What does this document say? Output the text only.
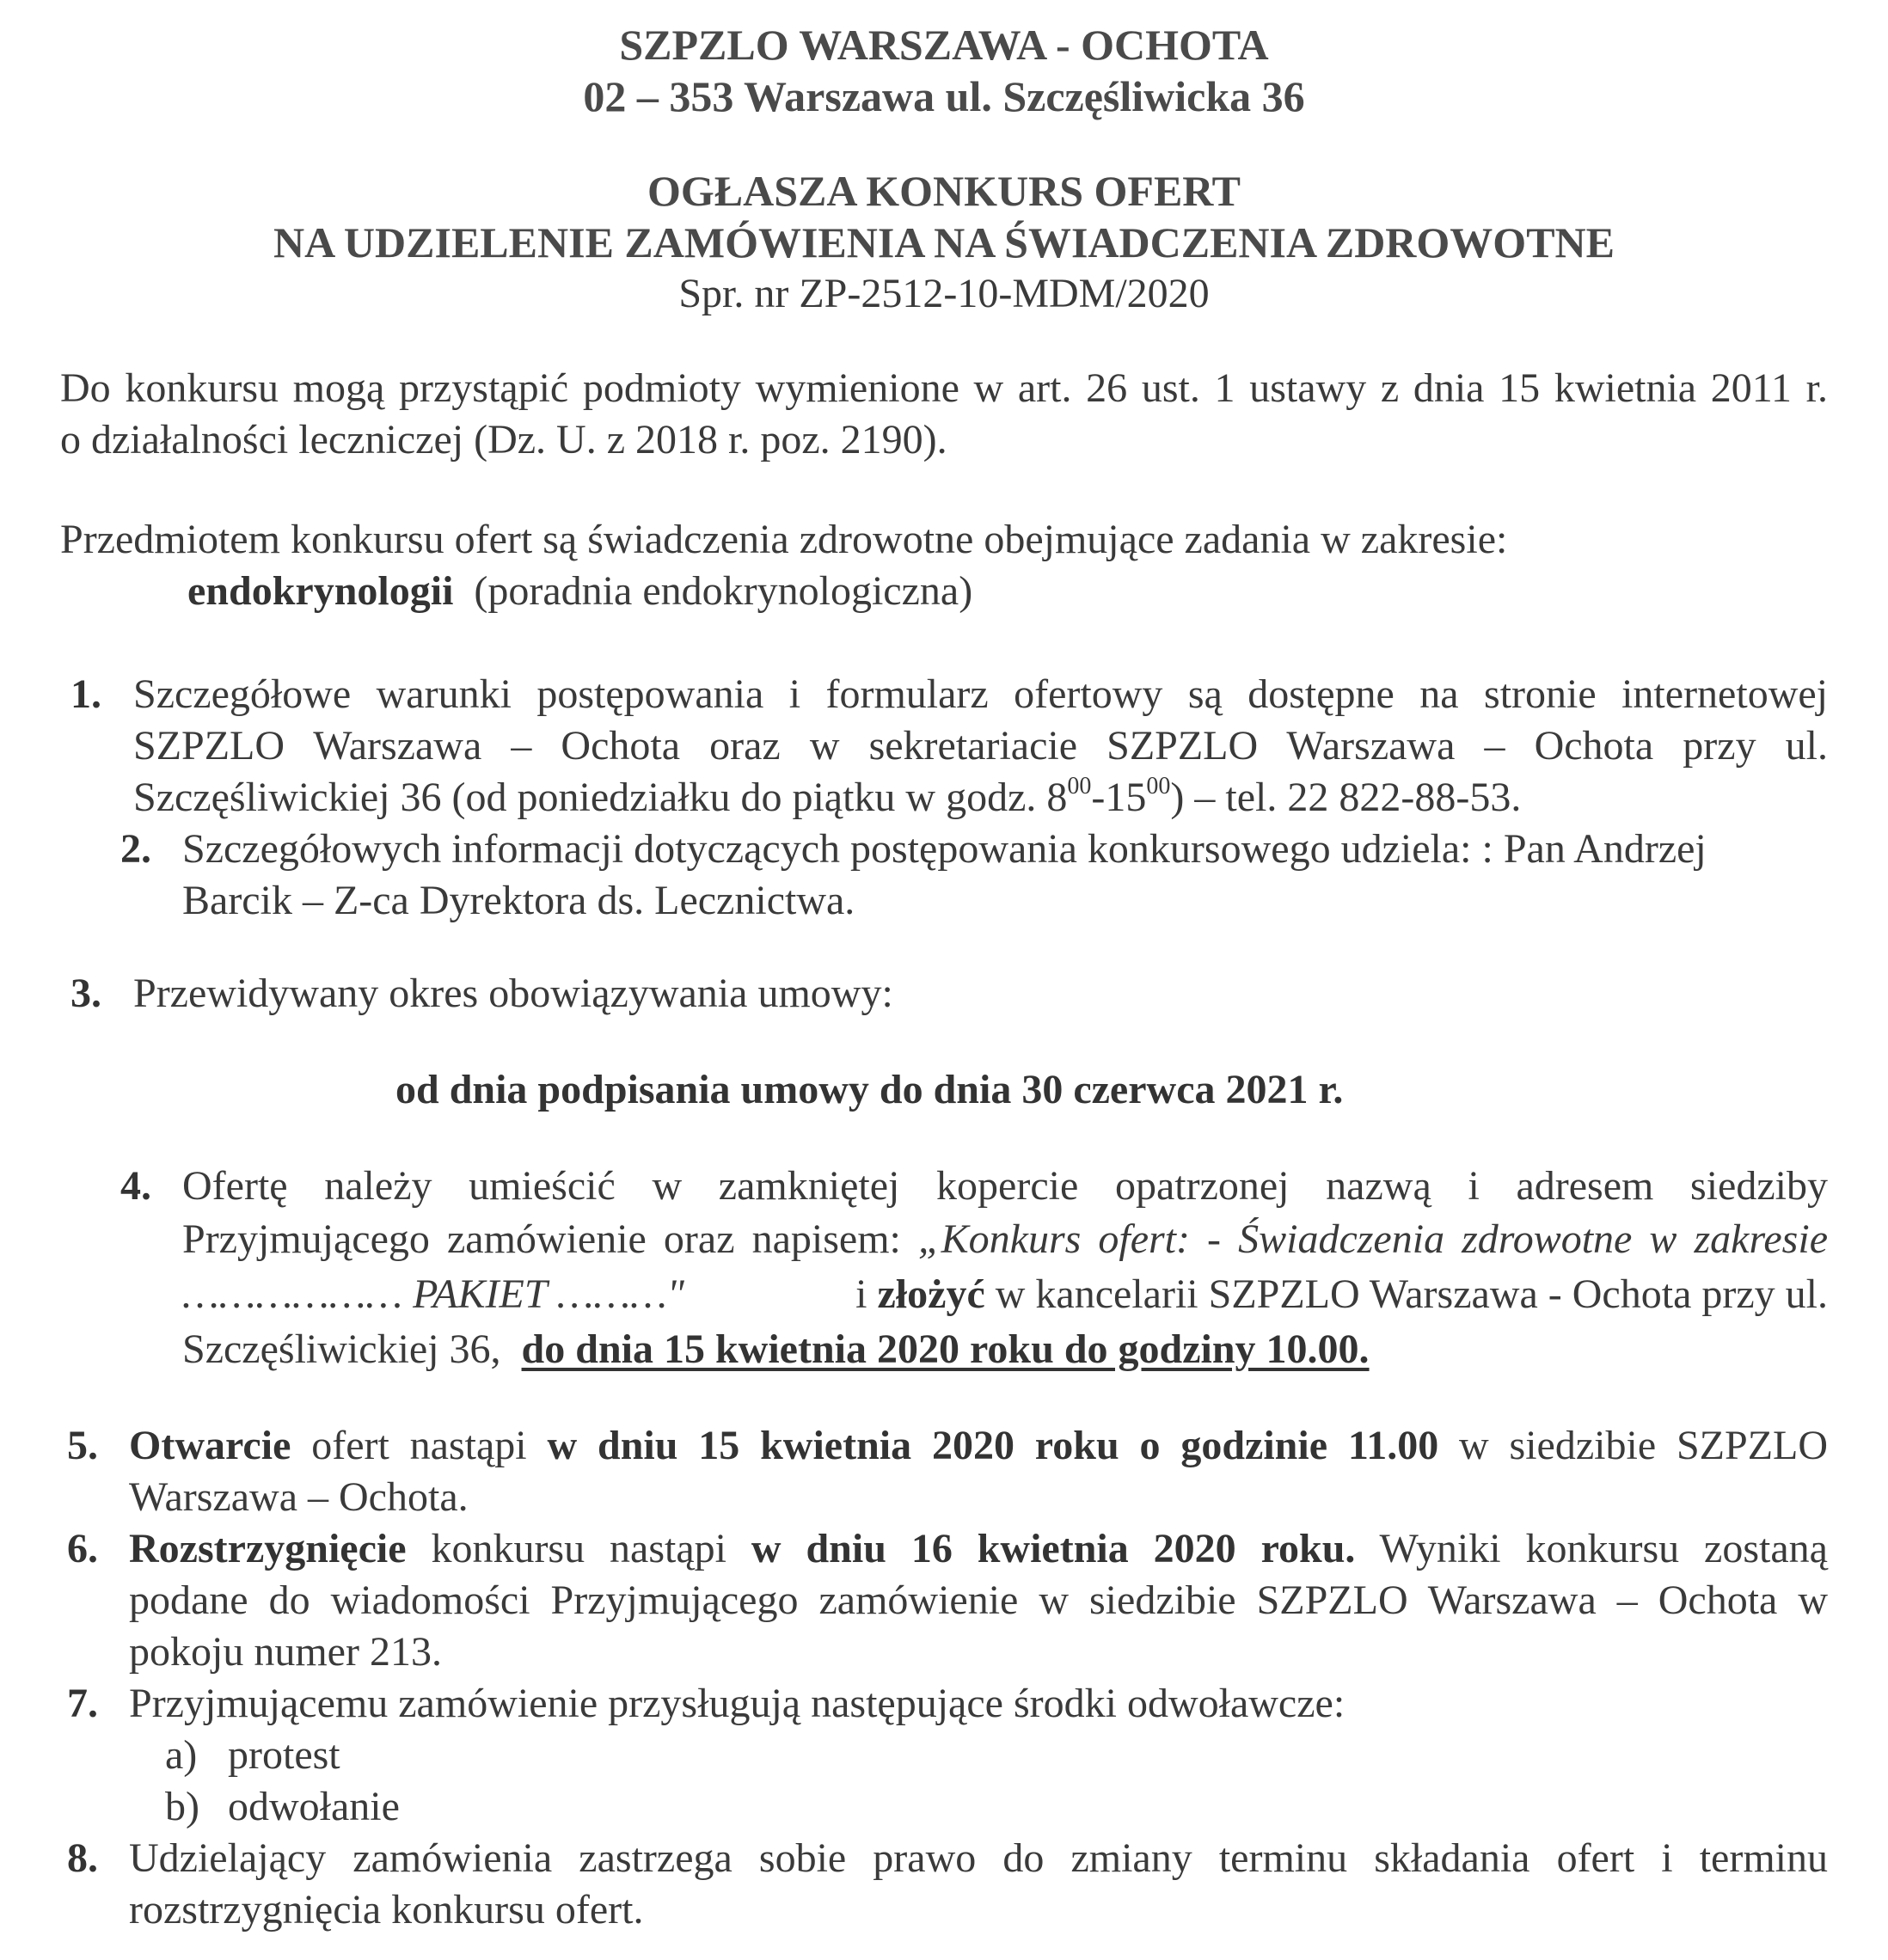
SZPZLO WARSZAWA - OCHOTA
02 – 353 Warszawa ul. Szczęśliwicka 36
OGŁASZA KONKURS OFERT
NA UDZIELENIE ZAMÓWIENIA NA ŚWIADCZENIA ZDROWOTNE
Spr. nr ZP-2512-10-MDM/2020
Do konkursu mogą przystąpić podmioty wymienione w art. 26 ust. 1 ustawy z dnia 15 kwietnia 2011 r.
o działalności leczniczej (Dz. U. z 2018 r. poz. 2190).
Przedmiotem konkursu ofert są świadczenia zdrowotne obejmujące zadania w zakresie:
endokrynologii (poradnia endokrynologiczna)
1. Szczegółowe warunki postępowania i formularz ofertowy są dostępne na stronie internetowej
SZPZLO Warszawa – Ochota oraz w sekretariacie SZPZLO Warszawa – Ochota przy ul.
Szczęśliwickiej 36 (od poniedziałku do piątku w godz. $8^{00}-15^{00}$) – tel. 22 822-88-53.
2. Szczegółowych informacji dotyczących postępowania konkursowego udziela: : Pan Andrzej
Barcik – Z-ca Dyrektora ds. Lecznictwa.
3. Przewidywany okres obowiązywania umowy:
od dnia podpisania umowy do dnia 30 czerwca 2021 r.
4. Ofertę należy umieścić w zamkniętej kopercie opatrzonej nazwą i adresem siedziby
Przyjmującego zamówienie oraz napisem: „Konkurs ofert: - Świadczenia zdrowotne w zakresie
……………… PAKIET ………"	i złożyć w kancelarii SZPZLO Warszawa - Ochota przy ul.
Szczęśliwickiej 36,  do dnia 15 kwietnia 2020 roku do godziny 10.00.
5. Otwarcie ofert nastąpi w dniu 15 kwietnia 2020 roku o godzinie 11.00 w siedzibie SZPZLO
Warszawa – Ochota.
6. Rozstrzygnięcie konkursu nastąpi w dniu 16 kwietnia 2020 roku. Wyniki konkursu zostaną
podane do wiadomości Przyjmującego zamówienie w siedzibie SZPZLO Warszawa – Ochota w
pokoju numer 213.
7. Przyjmującemu zamówienie przysługują następujące środki odwoławcze:
a) protest
b) odwołanie
8. Udzielający zamówienia zastrzega sobie prawo do zmiany terminu składania ofert i terminu
rozstrzygnięcia konkursu ofert.
